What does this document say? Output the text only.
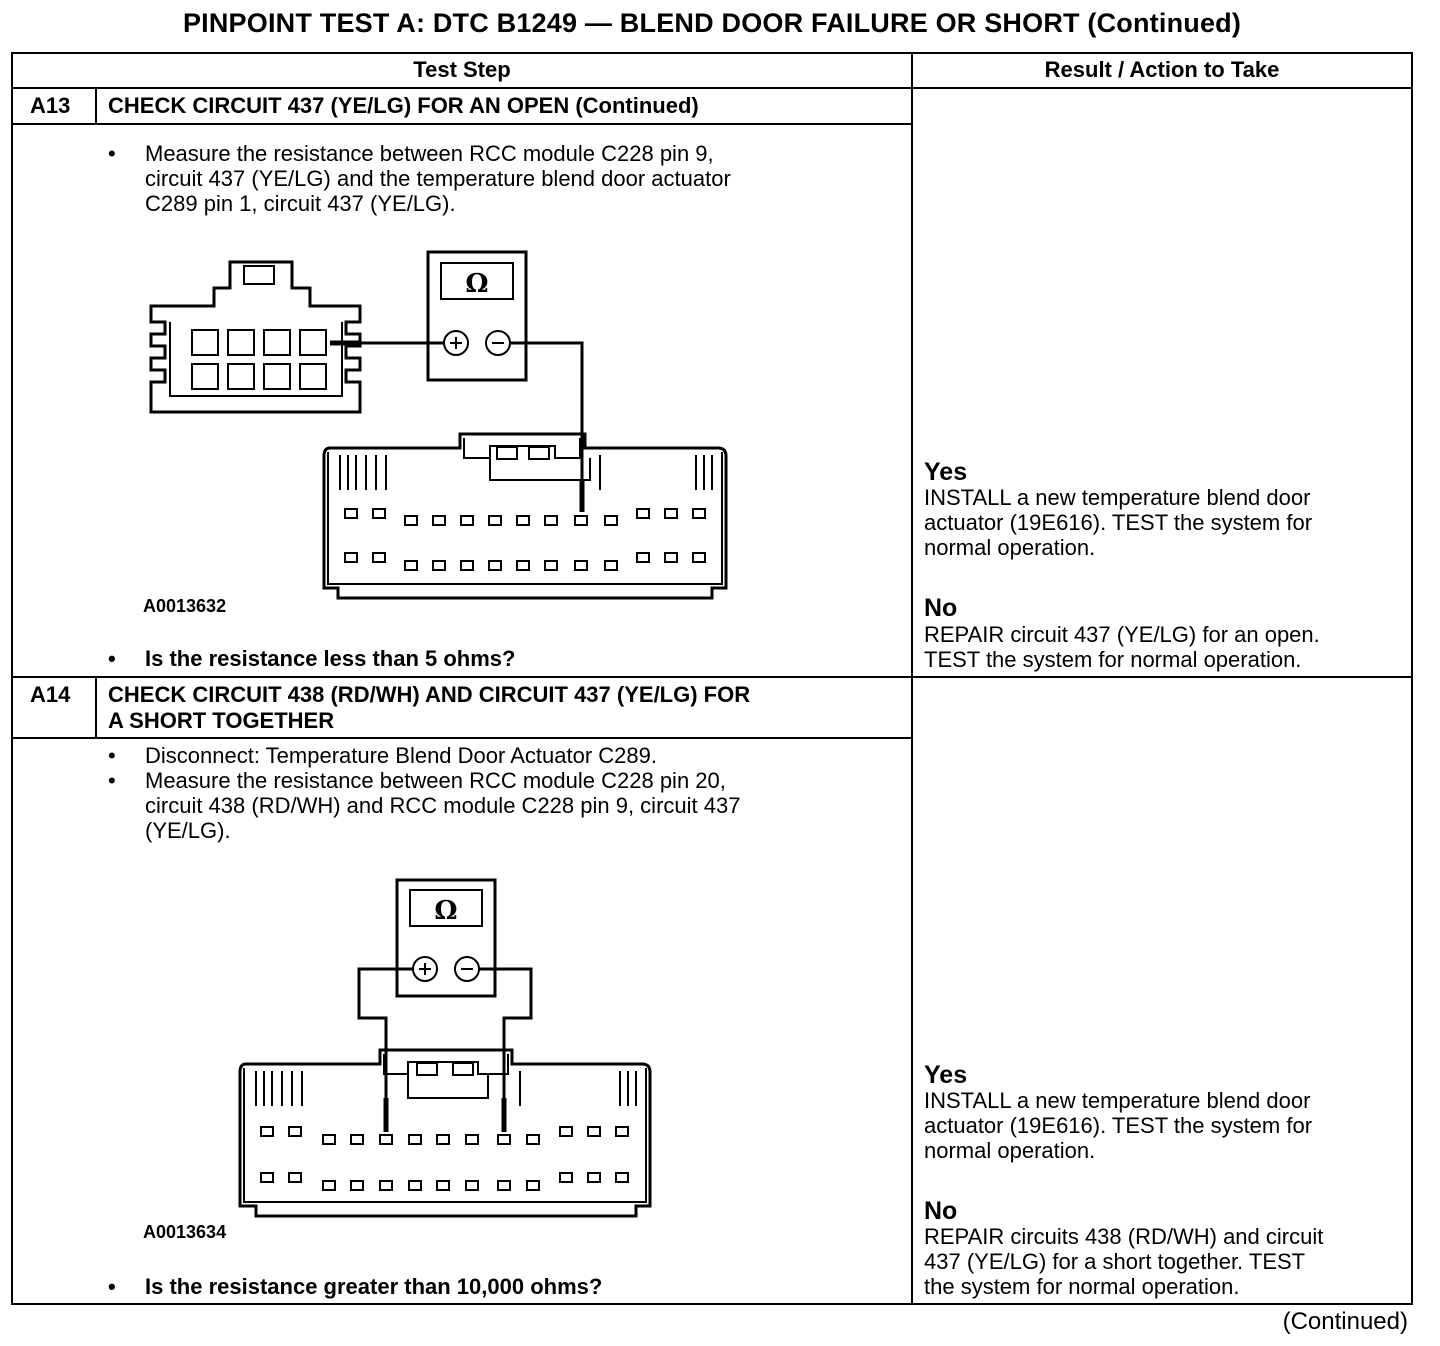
PINPOINT TEST A: DTC B1249 — BLEND DOOR FAILURE OR SHORT (Continued)
Test Step	Result / Action to Take
A13 CHECK CIRCUIT 437 (YE/LG) FOR AN OPEN (Continued)
• Measure the resistance between RCC module C228 pin 9,
circuit 437 (YE/LG) and the temperature blend door actuator
C289 pin 1, circuit 437 (YE/LG).
Ω
A0013632
• Is the resistance less than 5 ohms?
Yes
INSTALL a new temperature blend door
actuator (19E616). TEST the system for
normal operation.
No
REPAIR circuit 437 (YE/LG) for an open.
TEST the system for normal operation.
A14 CHECK CIRCUIT 438 (RD/WH) AND CIRCUIT 437 (YE/LG) FOR
A SHORT TOGETHER
• Disconnect: Temperature Blend Door Actuator C289.
• Measure the resistance between RCC module C228 pin 20,
circuit 438 (RD/WH) and RCC module C228 pin 9, circuit 437
(YE/LG).
Ω
A0013634
• Is the resistance greater than 10,000 ohms?
Yes
INSTALL a new temperature blend door
actuator (19E616). TEST the system for
normal operation.
No
REPAIR circuits 438 (RD/WH) and circuit
437 (YE/LG) for a short together. TEST
the system for normal operation.
(Continued)
